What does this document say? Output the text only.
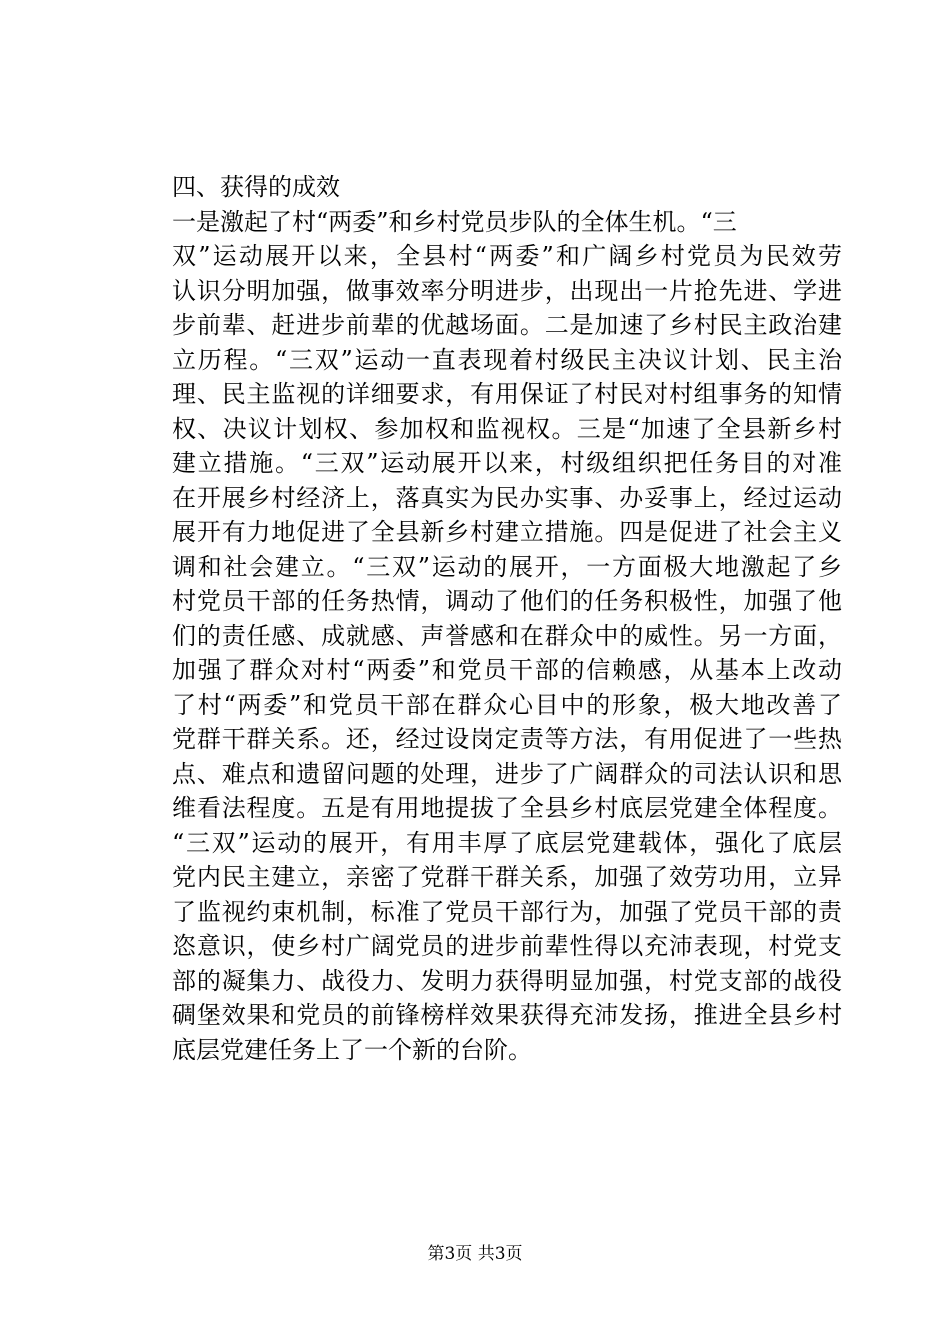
四、获得的成效
一是激起了村“两委”和乡村党员步队的全体生机。“三
双”运动展开以来，全县村“两委”和广阔乡村党员为民效劳
认识分明加强，做事效率分明进步，出现出一片抢先进、学进
步前辈、赶进步前辈的优越场面。二是加速了乡村民主政治建
立历程。“三双”运动一直表现着村级民主决议计划、民主治
理、民主监视的详细要求，有用保证了村民对村组事务的知情
权、决议计划权、参加权和监视权。三是“加速了全县新乡村
建立措施。“三双”运动展开以来，村级组织把任务目的对准
在开展乡村经济上，落真实为民办实事、办妥事上，经过运动
展开有力地促进了全县新乡村建立措施。四是促进了社会主义
调和社会建立。“三双”运动的展开，一方面极大地激起了乡
村党员干部的任务热情，调动了他们的任务积极性，加强了他
们的责任感、成就感、声誉感和在群众中的威性。另一方面，
加强了群众对村“两委”和党员干部的信赖感，从基本上改动
了村“两委”和党员干部在群众心目中的形象，极大地改善了
党群干群关系。还，经过设岗定责等方法，有用促进了一些热
点、难点和遗留问题的处理，进步了广阔群众的司法认识和思
维看法程度。五是有用地提拔了全县乡村底层党建全体程度。
“三双”运动的展开，有用丰厚了底层党建载体，强化了底层
党内民主建立，亲密了党群干群关系，加强了效劳功用，立异
了监视约束机制，标准了党员干部行为，加强了党员干部的责
恣意识，使乡村广阔党员的进步前辈性得以充沛表现，村党支
部的凝集力、战役力、发明力获得明显加强，村党支部的战役
碉堡效果和党员的前锋榜样效果获得充沛发扬，推进全县乡村
底层党建任务上了一个新的台阶。
第3页 共3页
